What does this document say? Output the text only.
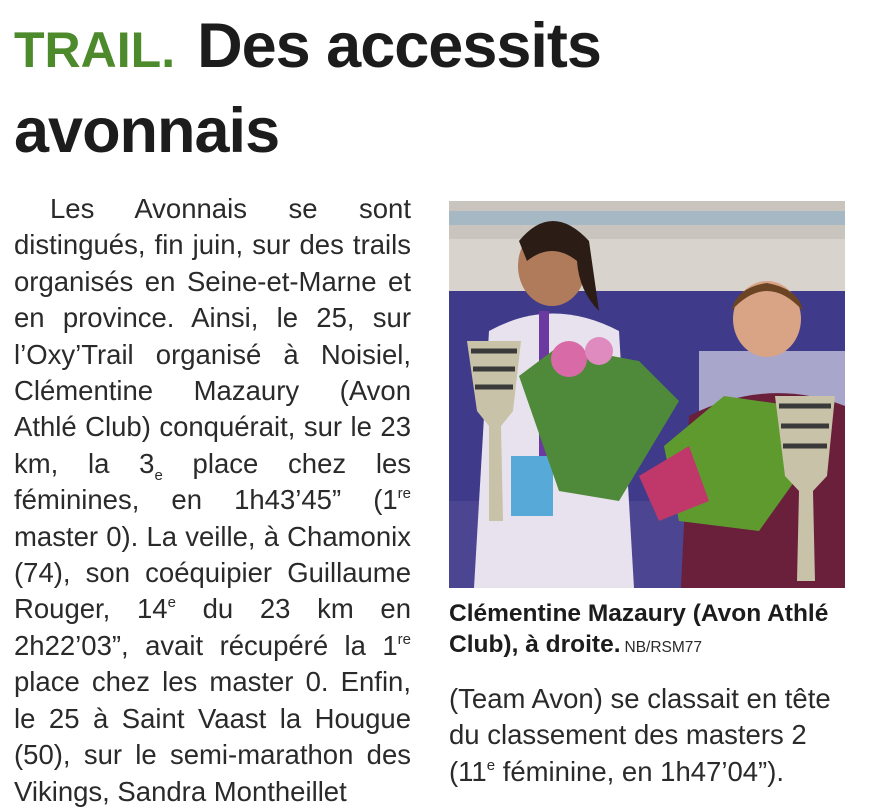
TRAIL. Des accessits avonnais

Les Avonnais se sont distingués, fin juin, sur des trails organisés en Seine-et-Marne et en province. Ainsi, le 25, sur l’Oxy’Trail organisé à Noisiel, Clémentine Mazaury (Avon Athlé Club) conquérait, sur le 23 km, la $3_e$ place chez les féminines, en 1h43’45” (1re master 0). La veille, à Chamonix (74), son coéquipier Guillaume Rouger, 14e du 23 km en 2h22’03”, avait récupéré la 1re place chez les master 0. Enfin, le 25 à Saint Vaast la Hougue (50), sur le semi-marathon des Vikings, Sandra Montheillet

Clémentine Mazaury (Avon Athlé Club), à droite. NB/RSM77

(Team Avon) se classait en tête du classement des masters 2 (11e féminine, en 1h47’04”).
